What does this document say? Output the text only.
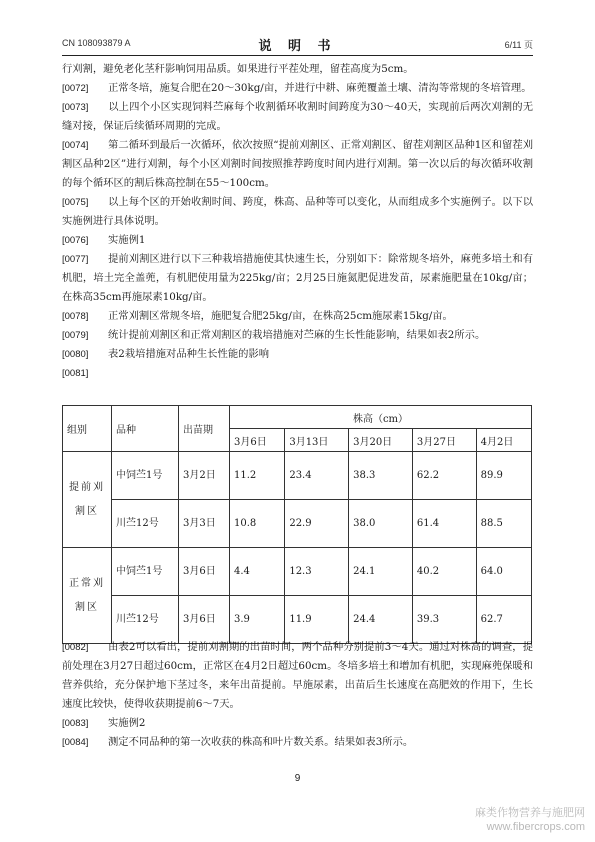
CN 108093879 A	说 明 书	6/11 页

行刈割，避免老化茎秆影响饲用品质。如果进行平茬处理，留茬高度为5cm。

[0072] 正常冬培，施复合肥在20～30kg/亩，并进行中耕、麻蔸覆盖土壤、清沟等常规的冬培管理。

[0073] 以上四个小区实现饲料苎麻每个收割循环收割时间跨度为30～40天，实现前后两次刈割的无缝对接，保证后续循环周期的完成。

[0074] 第二循环到最后一次循环，依次按照“提前刈割区、正常刈割区、留茬刈割区品种1区和留茬刈割区品种2区”进行刈割，每个小区刈割时间按照推荐跨度时间内进行刈割。第一次以后的每次循环收割的每个循环区的割后株高控制在55～100cm。

[0075] 以上每个区的开始收割时间、跨度，株高、品种等可以变化，从而组成多个实施例子。以下以实施例进行具体说明。

[0076] 实施例1

[0077] 提前刈割区进行以下三种栽培措施使其快速生长，分别如下：除常规冬培外，麻蔸多培土和有机肥，培土完全盖蔸，有机肥使用量为225kg/亩；2月25日施氮肥促进发苗，尿素施肥量在10kg/亩；在株高35cm再施尿素10kg/亩。

[0078] 正常刈割区常规冬培，施肥复合肥25kg/亩，在株高25cm施尿素15kg/亩。

[0079] 统计提前刈割区和正常刈割区的栽培措施对苎麻的生长性能影响，结果如表2所示。

[0080] 表2栽培措施对品种生长性能的影响

[0081]

组别	品种	出苗期	株高（cm）				
			3月6日	3月13日	3月20日	3月27日	4月2日
提前刈割区	中饲苎1号	3月2日	11.2	23.4	38.3	62.2	89.9
	川苎12号	3月3日	10.8	22.9	38.0	61.4	88.5
正常刈割区	中饲苎1号	3月6日	4.4	12.3	24.1	40.2	64.0
	川苎12号	3月6日	3.9	11.9	24.4	39.3	62.7

[0082] 由表2可以看出，提前刈割期的出苗时间，两个品种分别提前3～4天。通过对株高的调查，提前处理在3月27日超过60cm，正常区在4月2日超过60cm。冬培多培土和增加有机肥，实现麻蔸保暖和营养供给，充分保护地下茎过冬，来年出苗提前。早施尿素，出苗后生长速度在高肥效的作用下，生长速度比较快，使得收获期提前6～7天。

[0083] 实施例2

[0084] 测定不同品种的第一次收获的株高和叶片数关系。结果如表3所示。

9
麻类作物营养与施肥网
www.fibercrops.com
